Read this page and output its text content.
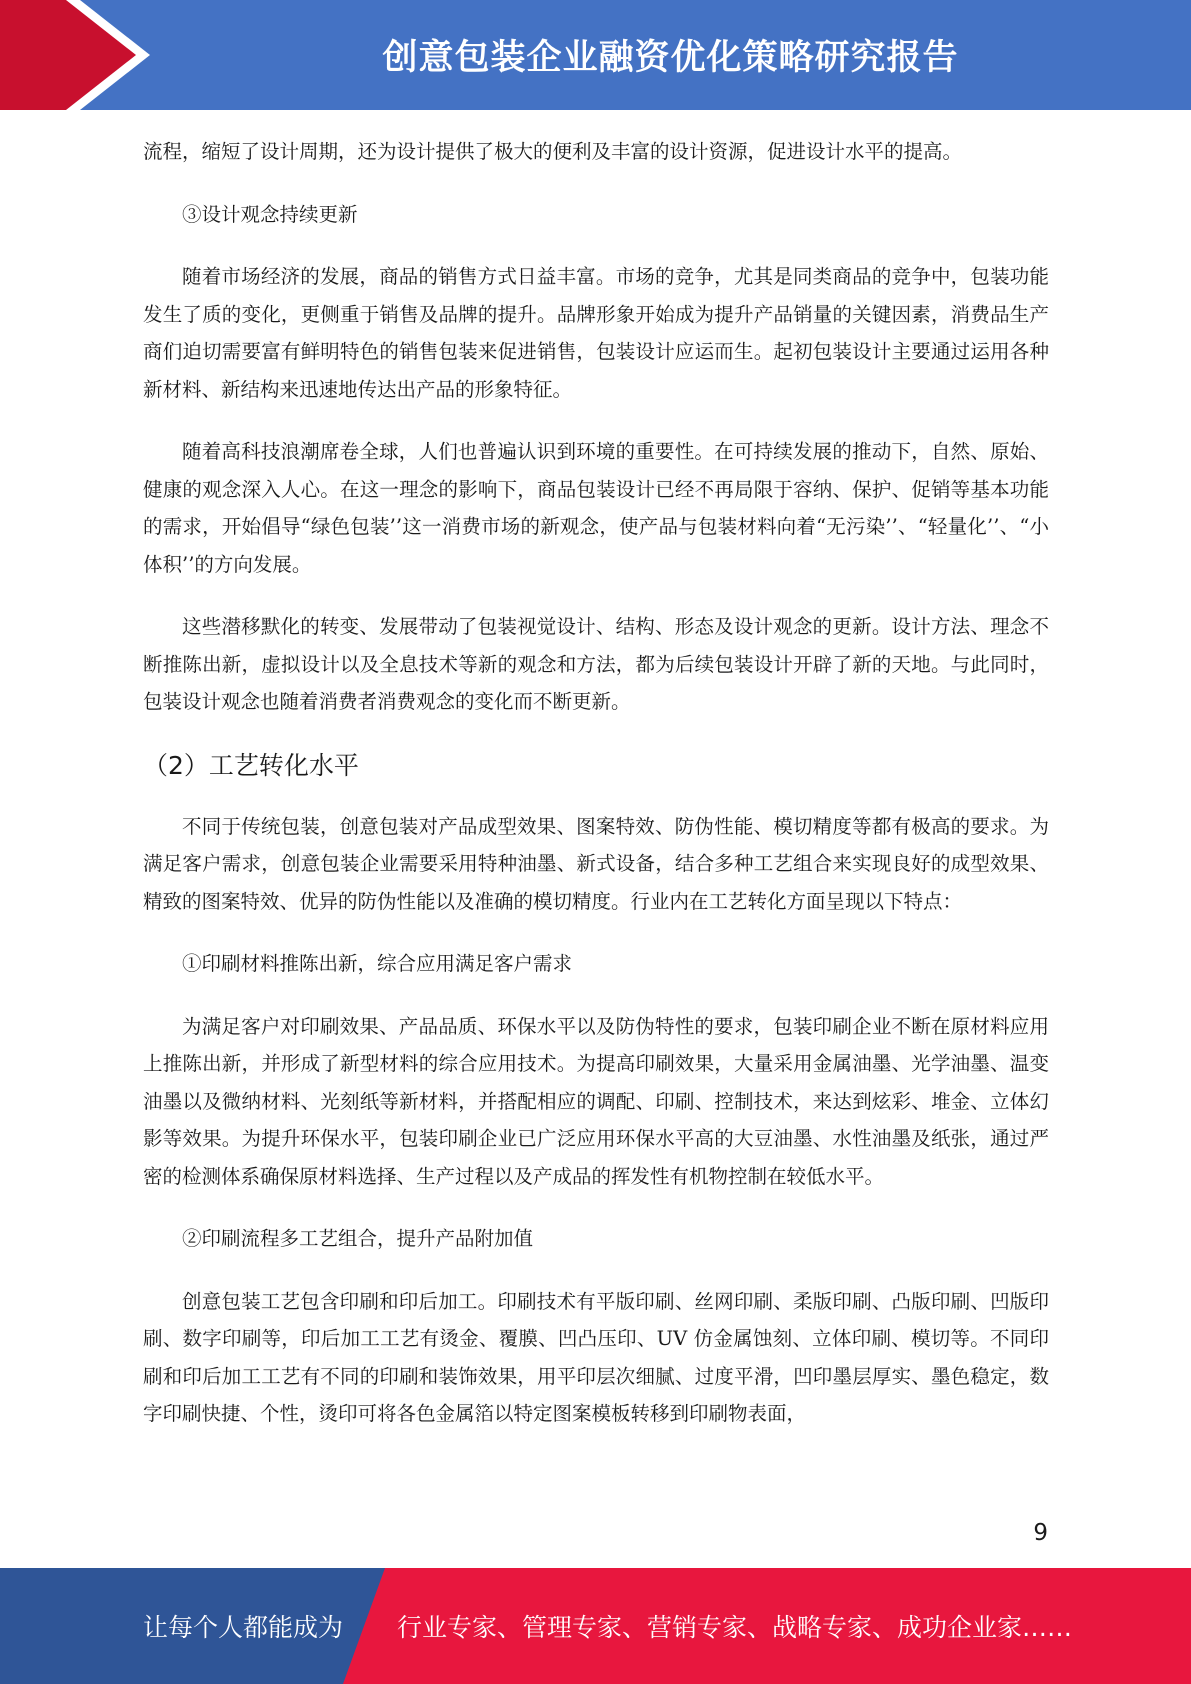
创意包装企业融资优化策略研究报告

流程，缩短了设计周期，还为设计提供了极大的便利及丰富的设计资源，促进设计水平的提高。

③设计观念持续更新

随着市场经济的发展，商品的销售方式日益丰富。市场的竞争，尤其是同类商品的竞争中，包装功能发生了质的变化，更侧重于销售及品牌的提升。品牌形象开始成为提升产品销量的关键因素，消费品生产商们迫切需要富有鲜明特色的销售包装来促进销售，包装设计应运而生。起初包装设计主要通过运用各种新材料、新结构来迅速地传达出产品的形象特征。

随着高科技浪潮席卷全球，人们也普遍认识到环境的重要性。在可持续发展的推动下，自然、原始、健康的观念深入人心。在这一理念的影响下，商品包装设计已经不再局限于容纳、保护、促销等基本功能的需求，开始倡导“绿色包装’’这一消费市场的新观念，使产品与包装材料向着“无污染’’、“轻量化’’、“小体积’’的方向发展。

这些潜移默化的转变、发展带动了包装视觉设计、结构、形态及设计观念的更新。设计方法、理念不断推陈出新，虚拟设计以及全息技术等新的观念和方法，都为后续包装设计开辟了新的天地。与此同时，包装设计观念也随着消费者消费观念的变化而不断更新。

（2）工艺转化水平

不同于传统包装，创意包装对产品成型效果、图案特效、防伪性能、模切精度等都有极高的要求。为满足客户需求，创意包装企业需要采用特种油墨、新式设备，结合多种工艺组合来实现良好的成型效果、精致的图案特效、优异的防伪性能以及准确的模切精度。行业内在工艺转化方面呈现以下特点：

①印刷材料推陈出新，综合应用满足客户需求

为满足客户对印刷效果、产品品质、环保水平以及防伪特性的要求，包装印刷企业不断在原材料应用上推陈出新，并形成了新型材料的综合应用技术。为提高印刷效果，大量采用金属油墨、光学油墨、温变油墨以及微纳材料、光刻纸等新材料，并搭配相应的调配、印刷、控制技术，来达到炫彩、堆金、立体幻影等效果。为提升环保水平，包装印刷企业已广泛应用环保水平高的大豆油墨、水性油墨及纸张，通过严密的检测体系确保原材料选择、生产过程以及产成品的挥发性有机物控制在较低水平。

②印刷流程多工艺组合，提升产品附加值

创意包装工艺包含印刷和印后加工。印刷技术有平版印刷、丝网印刷、柔版印刷、凸版印刷、凹版印刷、数字印刷等，印后加工工艺有烫金、覆膜、凹凸压印、UV 仿金属蚀刻、立体印刷、模切等。不同印刷和印后加工工艺有不同的印刷和装饰效果，用平印层次细腻、过度平滑，凹印墨层厚实、墨色稳定，数字印刷快捷、个性，烫印可将各色金属箔以特定图案模板转移到印刷物表面，

9
让每个人都能成为 行业专家、管理专家、营销专家、战略专家、成功企业家……
